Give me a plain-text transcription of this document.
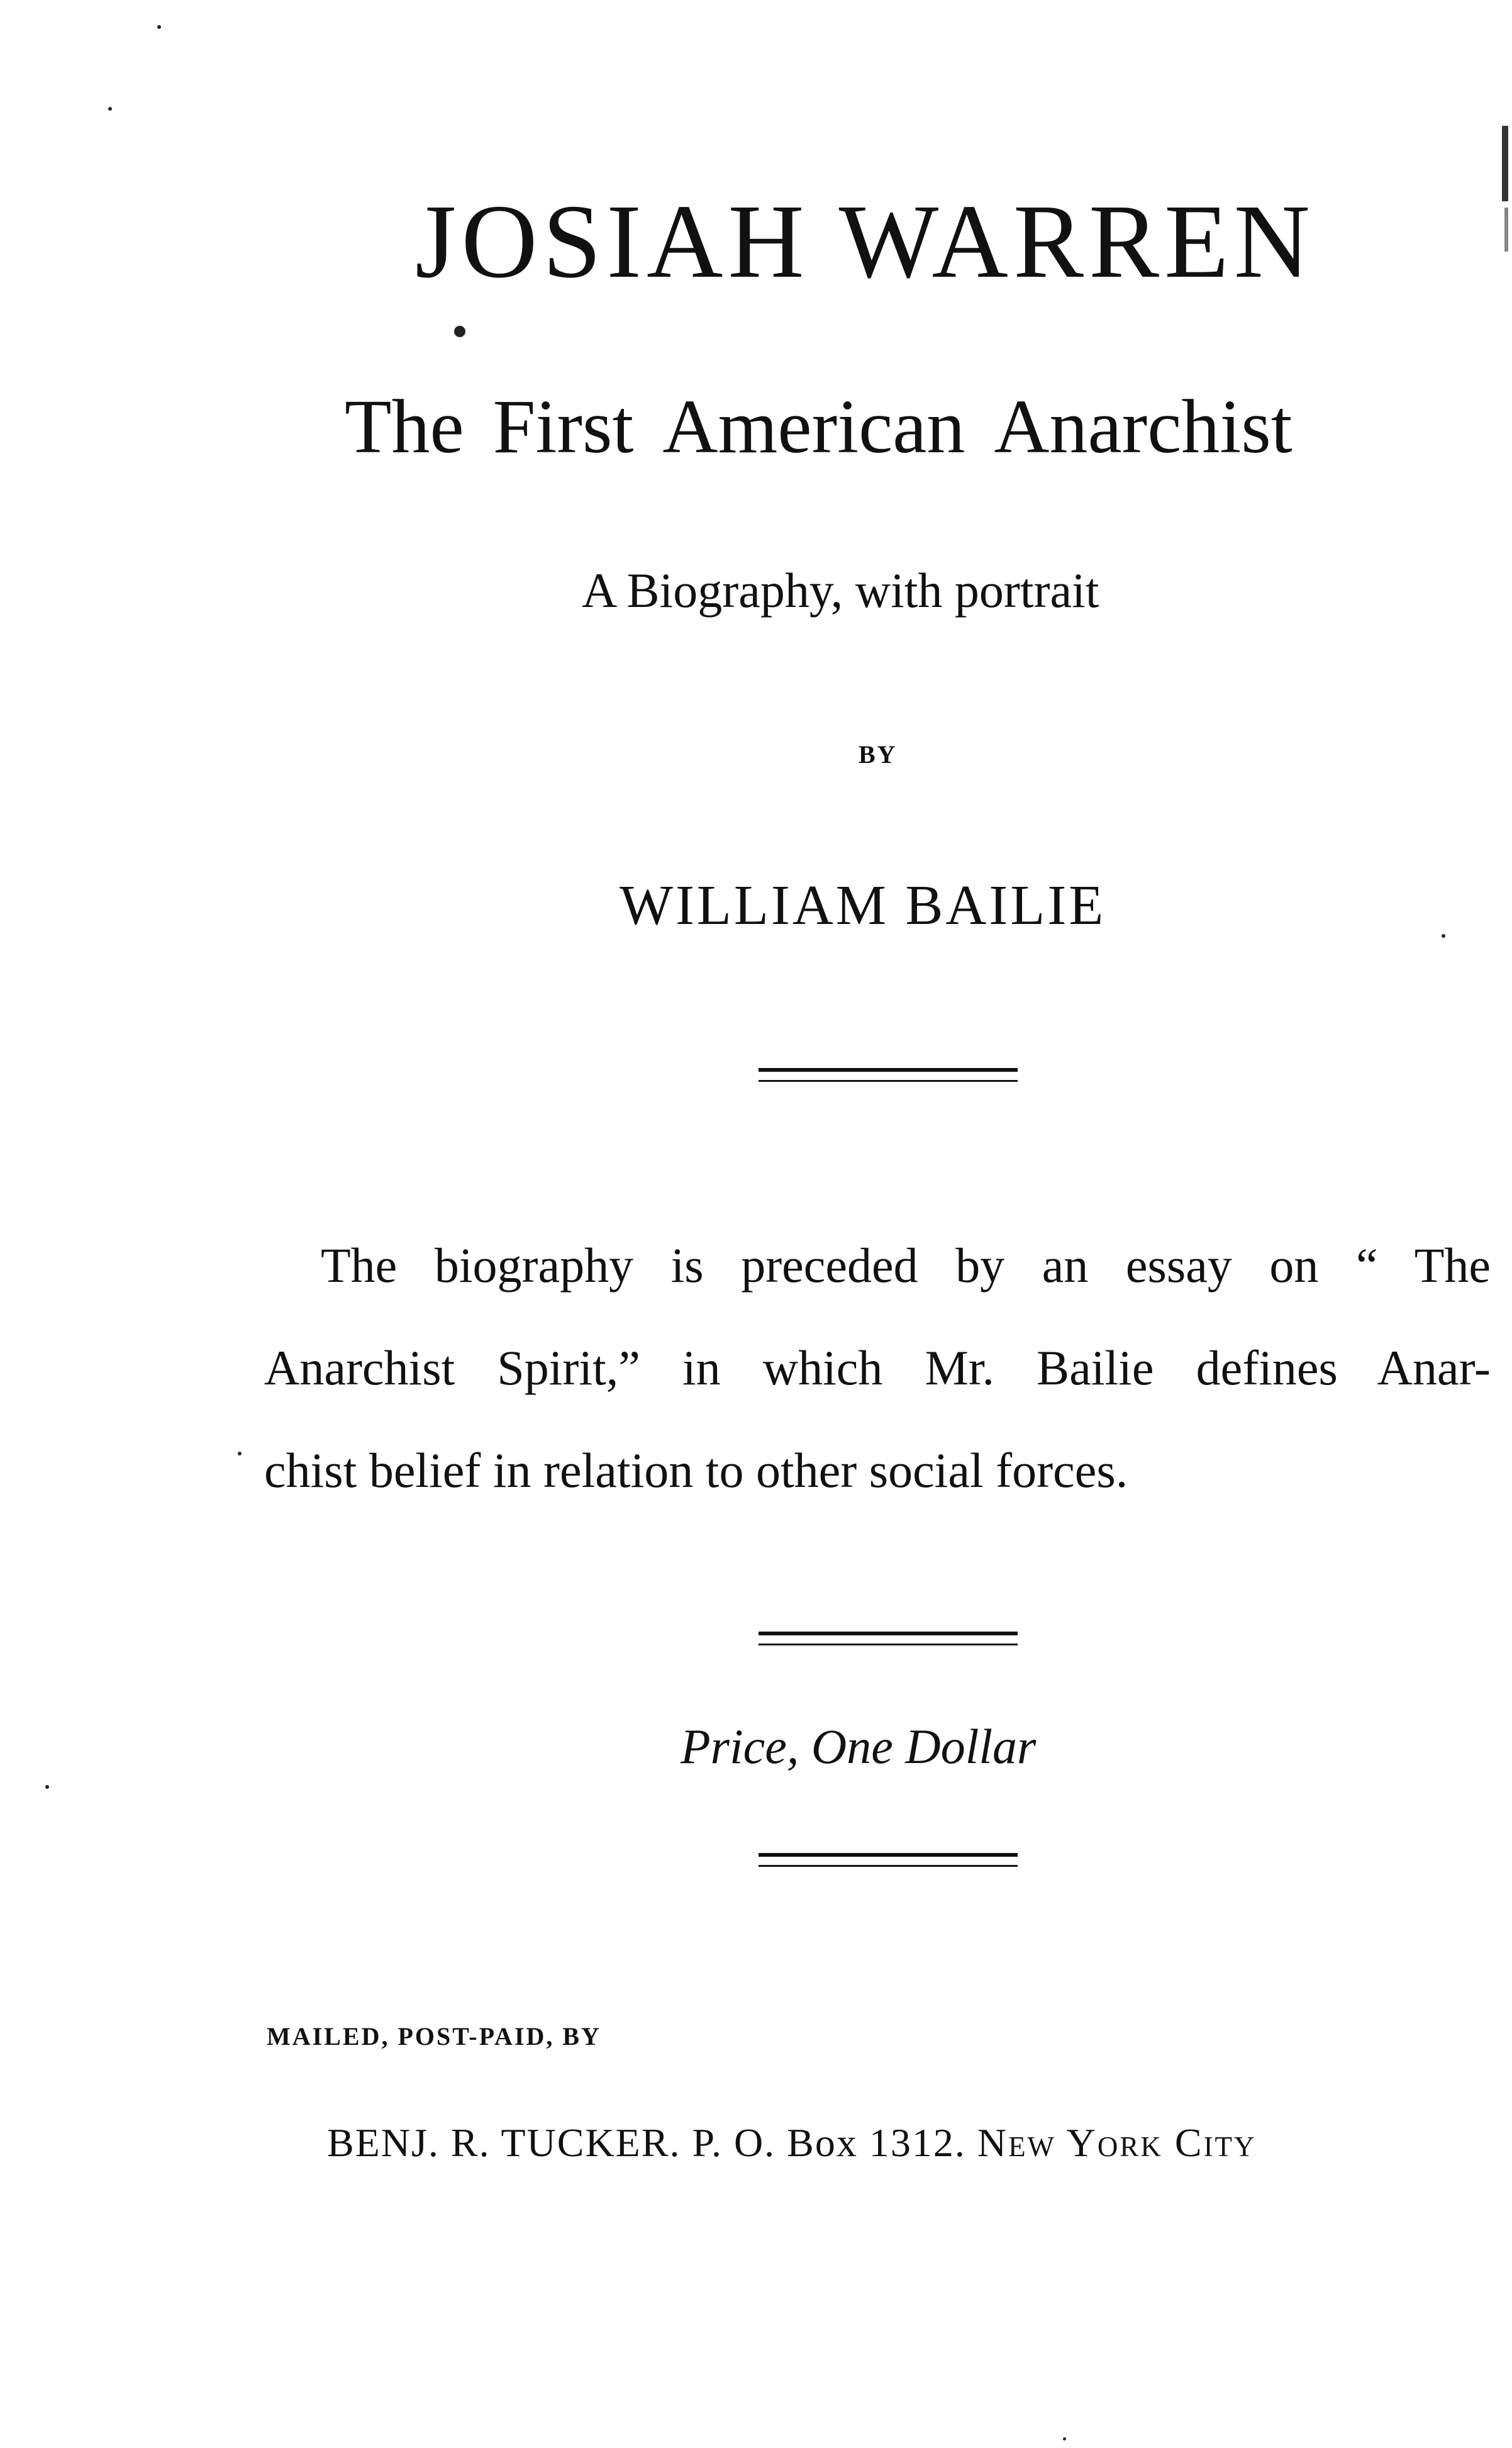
JOSIAH WARREN
The First American Anarchist
A Biography, with portrait
BY
WILLIAM BAILIE
The biography is preceded by an essay on “ The
Anarchist Spirit,” in which Mr. Bailie defines Anar-
chist belief in relation to other social forces.
Price, One Dollar
MAILED, POST-PAID, BY
BENJ. R. TUCKER. P. O. Box 1312. New York City
